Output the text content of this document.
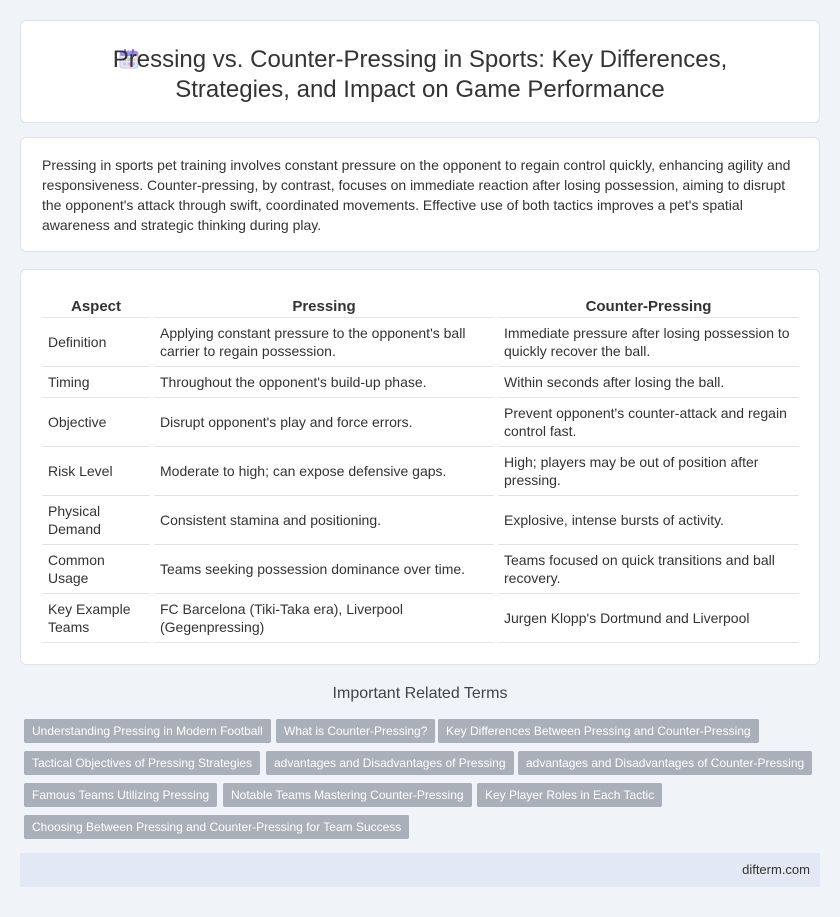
Pressing vs. Counter-Pressing in Sports: Key Differences,
Strategies, and Impact on Game Performance

Pressing in sports pet training involves constant pressure on the opponent to regain control quickly, enhancing agility and responsiveness. Counter-pressing, by contrast, focuses on immediate reaction after losing possession, aiming to disrupt the opponent's attack through swift, coordinated movements. Effective use of both tactics improves a pet's spatial awareness and strategic thinking during play.

Aspect		Pressing		Counter-Pressing
Definition		Applying constant pressure to the opponent's ball carrier to regain possession.		Immediate pressure after losing possession to quickly recover the ball.
Timing		Throughout the opponent's build-up phase.		Within seconds after losing the ball.
Objective		Disrupt opponent's play and force errors.		Prevent opponent's counter-attack and regain control fast.
Risk Level		Moderate to high; can expose defensive gaps.		High; players may be out of position after pressing.
Physical Demand		Consistent stamina and positioning.		Explosive, intense bursts of activity.
Common Usage		Teams seeking possession dominance over time.		Teams focused on quick transitions and ball recovery.
Key Example Teams		FC Barcelona (Tiki-Taka era), Liverpool (Gegenpressing)		Jurgen Klopp's Dortmund and Liverpool
Important Related Terms
Understanding Pressing in Modern Football	What is Counter-Pressing?	Key Differences Between Pressing and Counter-Pressing
Tactical Objectives of Pressing Strategies	advantages and Disadvantages of Pressing	advantages and Disadvantages of Counter-Pressing
Famous Teams Utilizing Pressing	Notable Teams Mastering Counter-Pressing	Key Player Roles in Each Tactic
Choosing Between Pressing and Counter-Pressing for Team Success
difterm.com
